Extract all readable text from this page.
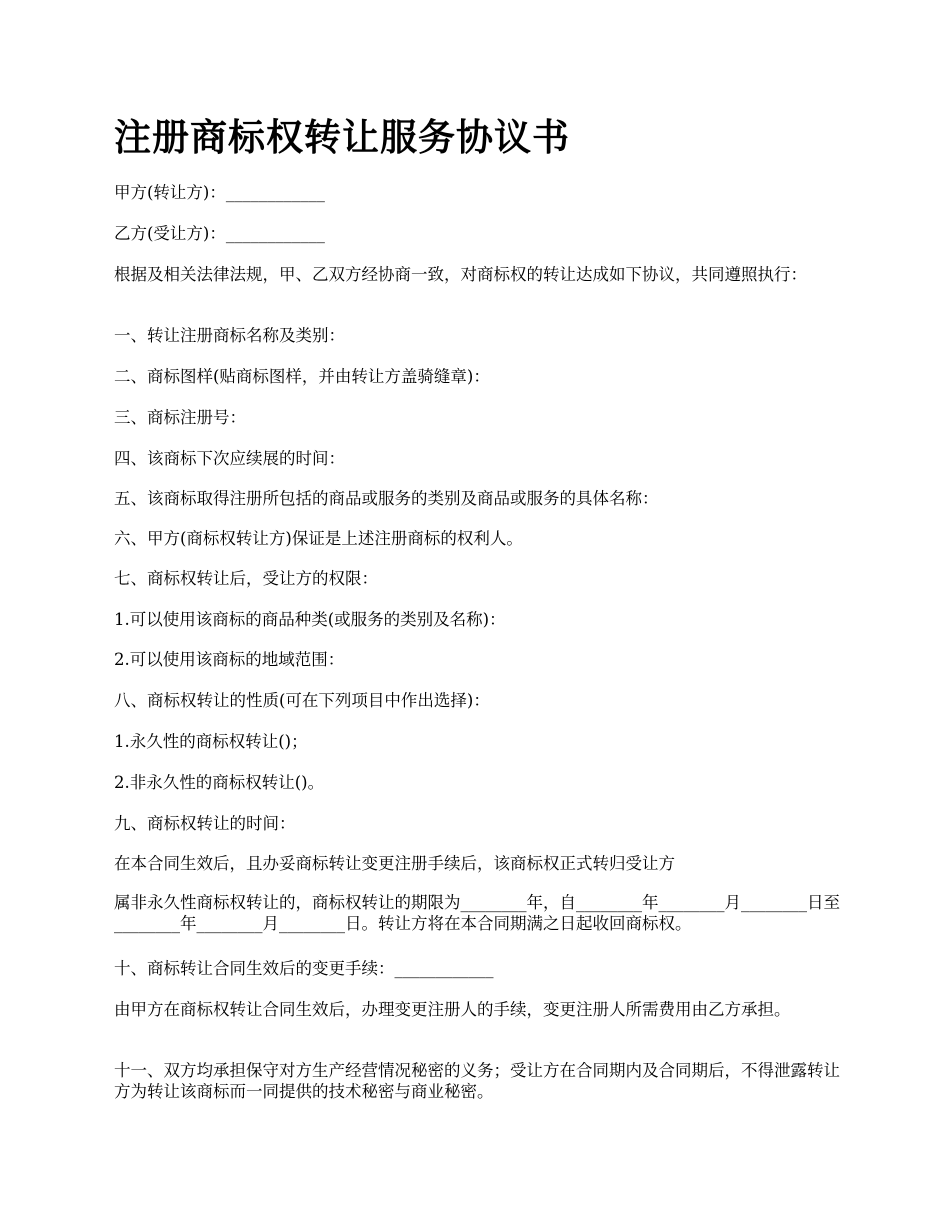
注册商标权转让服务协议书
甲方(转让方)：____________
乙方(受让方)：____________
根据及相关法律法规，甲、乙双方经协商一致，对商标权的转让达成如下协议，共同遵照执行：
一、转让注册商标名称及类别：
二、商标图样(贴商标图样，并由转让方盖骑缝章)：
三、商标注册号：
四、该商标下次应续展的时间：
五、该商标取得注册所包括的商品或服务的类别及商品或服务的具体名称：
六、甲方(商标权转让方)保证是上述注册商标的权利人。
七、商标权转让后，受让方的权限：
1.可以使用该商标的商品种类(或服务的类别及名称)：
2.可以使用该商标的地域范围：
八、商标权转让的性质(可在下列项目中作出选择)：
1.永久性的商标权转让()；
2.非永久性的商标权转让()。
九、商标权转让的时间：
在本合同生效后，且办妥商标转让变更注册手续后，该商标权正式转归受让方
属非永久性商标权转让的，商标权转让的期限为________年，自________年________月________日至________年________月________日。转让方将在本合同期满之日起收回商标权。
十、商标转让合同生效后的变更手续：____________
由甲方在商标权转让合同生效后，办理变更注册人的手续，变更注册人所需费用由乙方承担。
十一、双方均承担保守对方生产经营情况秘密的义务；受让方在合同期内及合同期后，不得泄露转让方为转让该商标而一同提供的技术秘密与商业秘密。
